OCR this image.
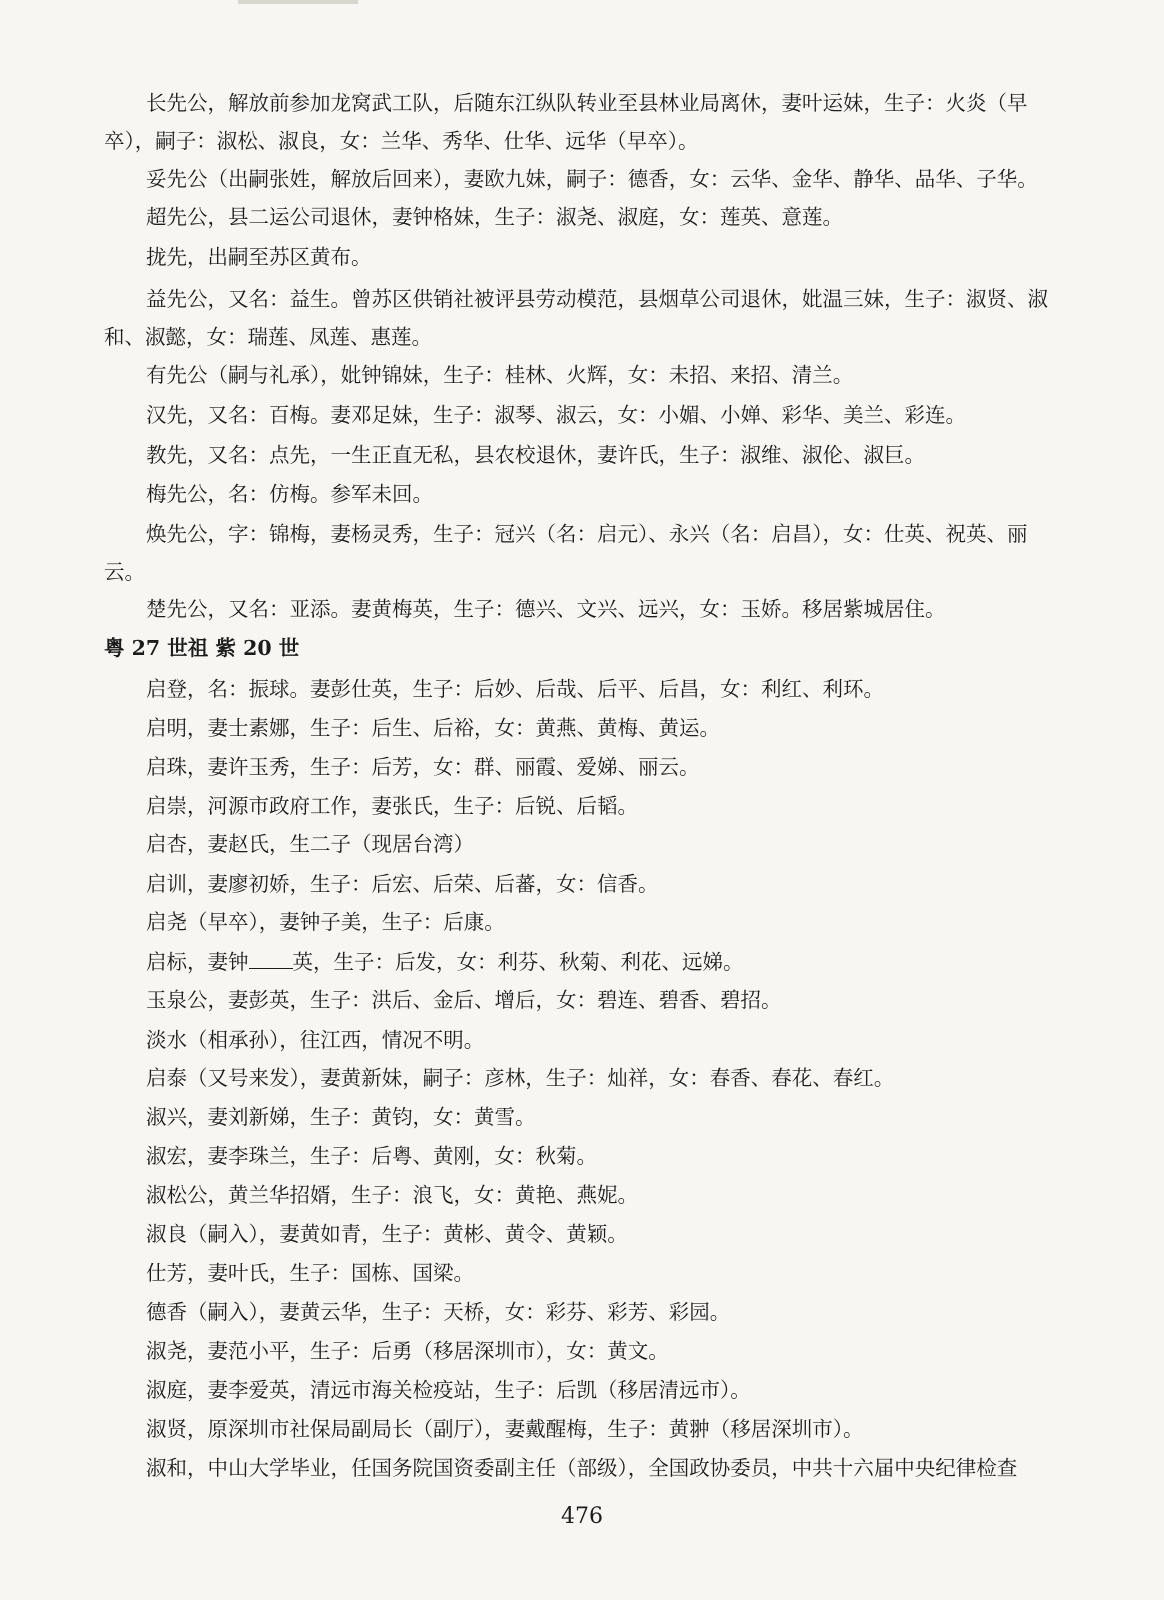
长先公，解放前参加龙窝武工队，后随东江纵队转业至县林业局离休，妻叶运妹，生子：火炎（早卒），嗣子：淑松、淑良，女：兰华、秀华、仕华、远华（早卒）。

妥先公（出嗣张姓，解放后回来），妻欧九妹，嗣子：德香，女：云华、金华、静华、品华、子华。

超先公，县二运公司退休，妻钟格妹，生子：淑尧、淑庭，女：莲英、意莲。

拢先，出嗣至苏区黄布。

益先公，又名：益生。曾苏区供销社被评县劳动模范，县烟草公司退休，妣温三妹，生子：淑贤、淑和、淑懿，女：瑞莲、凤莲、惠莲。

有先公（嗣与礼承），妣钟锦妹，生子：桂林、火辉，女：未招、来招、清兰。

汉先，又名：百梅。妻邓足妹，生子：淑琴、淑云，女：小媚、小婵、彩华、美兰、彩连。

教先，又名：点先，一生正直无私，县农校退休，妻许氏，生子：淑维、淑伦、淑巨。

梅先公，名：仿梅。参军未回。

焕先公，字：锦梅，妻杨灵秀，生子：冠兴（名：启元）、永兴（名：启昌），女：仕英、祝英、丽云。

楚先公，又名：亚添。妻黄梅英，生子：德兴、文兴、远兴，女：玉娇。移居紫城居住。

粤 27 世祖 紫 20 世

启登，名：振球。妻彭仕英，生子：后妙、后哉、后平、后昌，女：利红、利环。

启明，妻士素娜，生子：后生、后裕，女：黄燕、黄梅、黄运。

启珠，妻许玉秀，生子：后芳，女：群、丽霞、爱娣、丽云。

启崇，河源市政府工作，妻张氏，生子：后锐、后韬。

启杏，妻赵氏，生二子（现居台湾）

启训，妻廖初娇，生子：后宏、后荣、后蕃，女：信香。

启尧（早卒），妻钟子美，生子：后康。

启标，妻钟 英，生子：后发，女：利芬、秋菊、利花、远娣。

玉泉公，妻彭英，生子：洪后、金后、增后，女：碧连、碧香、碧招。

淡水（相承孙），往江西，情况不明。

启泰（又号来发），妻黄新妹，嗣子：彦林，生子：灿祥，女：春香、春花、春红。

淑兴，妻刘新娣，生子：黄钧，女：黄雪。

淑宏，妻李珠兰，生子：后粤、黄刚，女：秋菊。

淑松公，黄兰华招婿，生子：浪飞，女：黄艳、燕妮。

淑良（嗣入），妻黄如青，生子：黄彬、黄令、黄颖。

仕芳，妻叶氏，生子：国栋、国梁。

德香（嗣入），妻黄云华，生子：天桥，女：彩芬、彩芳、彩园。

淑尧，妻范小平，生子：后勇（移居深圳市），女：黄文。

淑庭，妻李爱英，清远市海关检疫站，生子：后凯（移居清远市）。

淑贤，原深圳市社保局副局长（副厅），妻戴醒梅，生子：黄翀（移居深圳市）。

淑和，中山大学毕业，任国务院国资委副主任（部级），全国政协委员，中共十六届中央纪律检查

476
